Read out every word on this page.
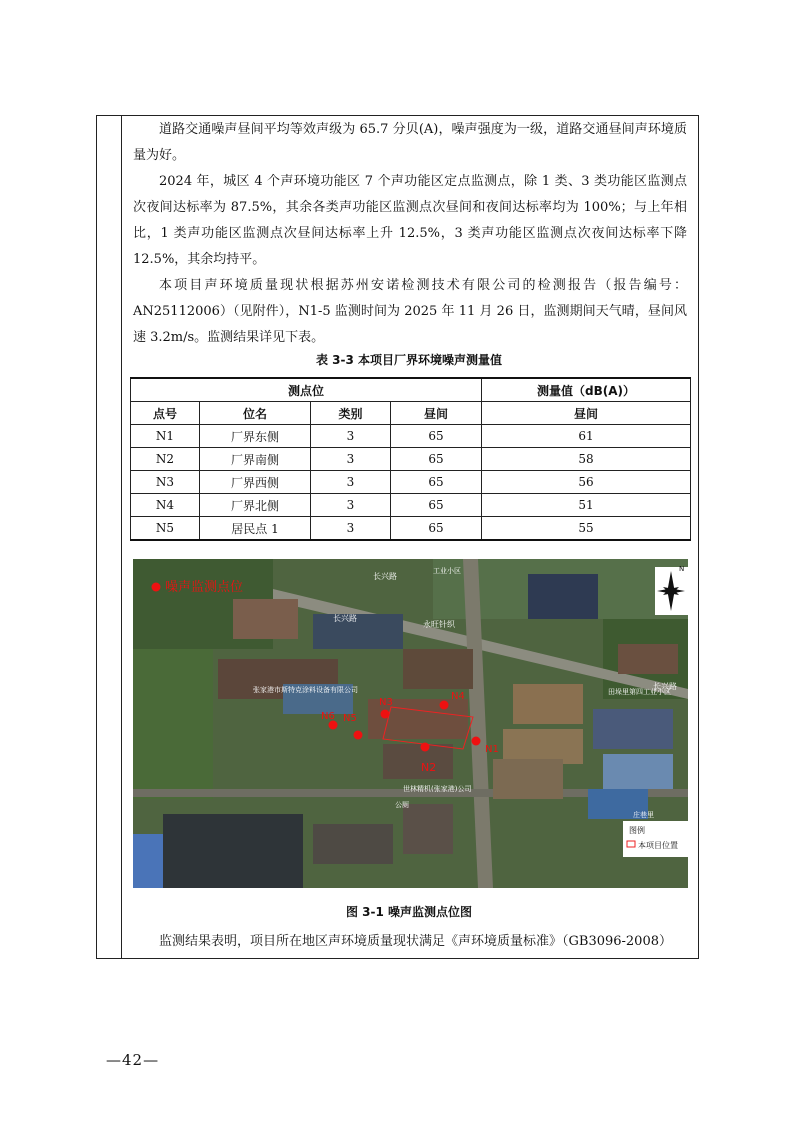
道路交通噪声昼间平均等效声级为 65.7 分贝(A)，噪声强度为一级，道路交通昼间声环境质量为好。

2024 年，城区 4 个声环境功能区 7 个声功能区定点监测点，除 1 类、3 类功能区监测点次夜间达标率为 87.5%，其余各类声功能区监测点次昼间和夜间达标率均为 100%；与上年相比，1 类声功能区监测点次昼间达标率上升 12.5%，3 类声功能区监测点次夜间达标率下降 12.5%，其余均持平。

本项目声环境质量现状根据苏州安诺检测技术有限公司的检测报告（报告编号：AN25112006）（见附件），N1-5 监测时间为 2025 年 11 月 26 日，监测期间天气晴，昼间风速 3.2m/s。监测结果详见下表。

表 3-3 本项目厂界环境噪声测量值

测点位				测量值（dB(A)）
点号	位名	类别	昼间	昼间
N1	厂界东侧	3	65	61
N2	厂界南侧	3	65	58
N3	厂界西侧	3	65	56
N4	厂界北侧	3	65	51
N5	居民点 1	3	65	55
N1
N2
N5
N4
N3
N6
噪声监测点位
长兴路
永旺针织
张家港市斯特克涂料设备有限公司	田垛里第四工业小区
长兴路
世林精机(张家港)公司
公厕
庄巷里
工业小区
长兴路
N
图例
本项目位置

图 3-1 噪声监测点位图

监测结果表明，项目所在地区声环境质量现状满足《声环境质量标准》（GB3096-2008）

—42—
